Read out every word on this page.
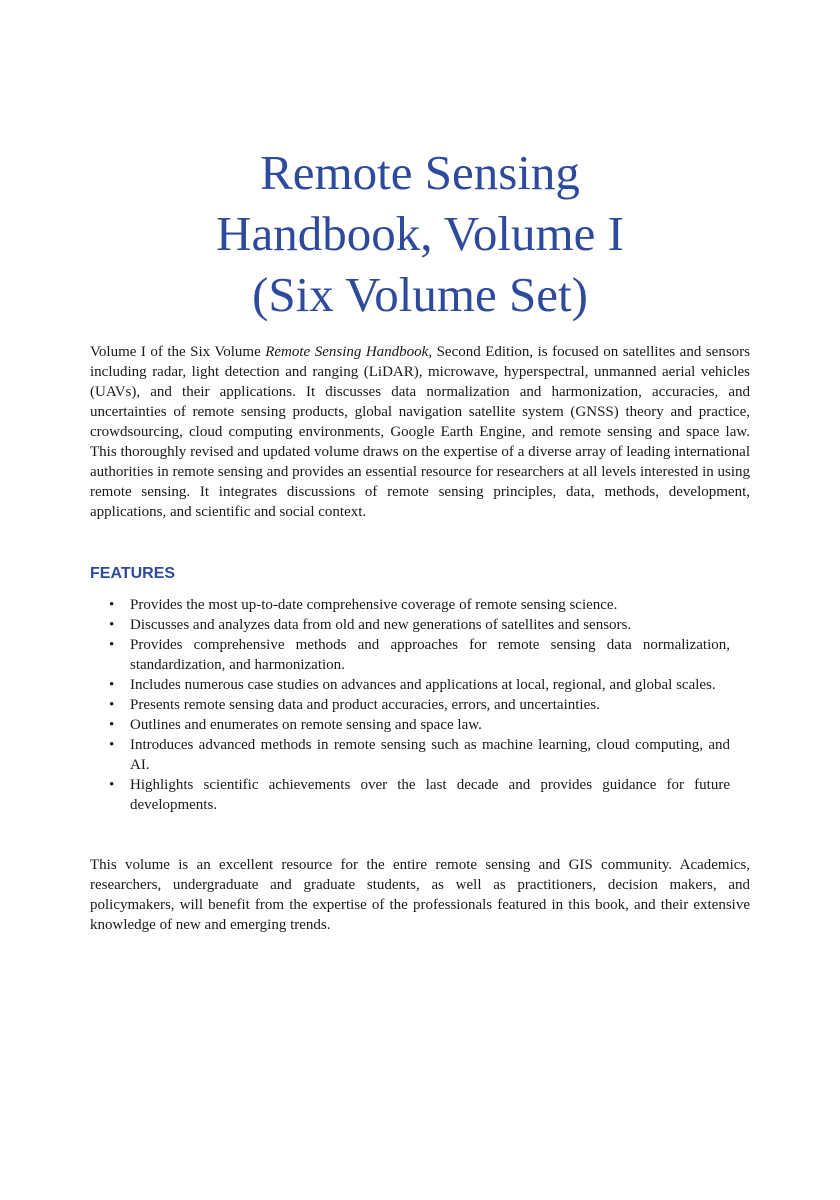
Remote Sensing
Handbook, Volume I
(Six Volume Set)

Volume I of the Six Volume Remote Sensing Handbook, Second Edition, is focused on satellites and sensors including radar, light detection and ranging (LiDAR), microwave, hyperspectral, unmanned aerial vehicles (UAVs), and their applications. It discusses data normalization and harmonization, accuracies, and uncertainties of remote sensing products, global navigation satellite system (GNSS) theory and practice, crowdsourcing, cloud computing environments, Google Earth Engine, and remote sensing and space law. This thoroughly revised and updated volume draws on the expertise of a diverse array of leading international authorities in remote sensing and provides an essential resource for researchers at all levels interested in using remote sensing. It integrates discussions of remote sensing principles, data, methods, development, applications, and scientific and social context.

FEATURES
• Provides the most up-to-date comprehensive coverage of remote sensing science.
• Discusses and analyzes data from old and new generations of satellites and sensors.
• Provides comprehensive methods and approaches for remote sensing data normalization, standardization, and harmonization.
• Includes numerous case studies on advances and applications at local, regional, and global scales.
• Presents remote sensing data and product accuracies, errors, and uncertainties.
• Outlines and enumerates on remote sensing and space law.
• Introduces advanced methods in remote sensing such as machine learning, cloud computing, and AI.
• Highlights scientific achievements over the last decade and provides guidance for future developments.

This volume is an excellent resource for the entire remote sensing and GIS community. Academics, researchers, undergraduate and graduate students, as well as practitioners, decision makers, and policymakers, will benefit from the expertise of the professionals featured in this book, and their extensive knowledge of new and emerging trends.
